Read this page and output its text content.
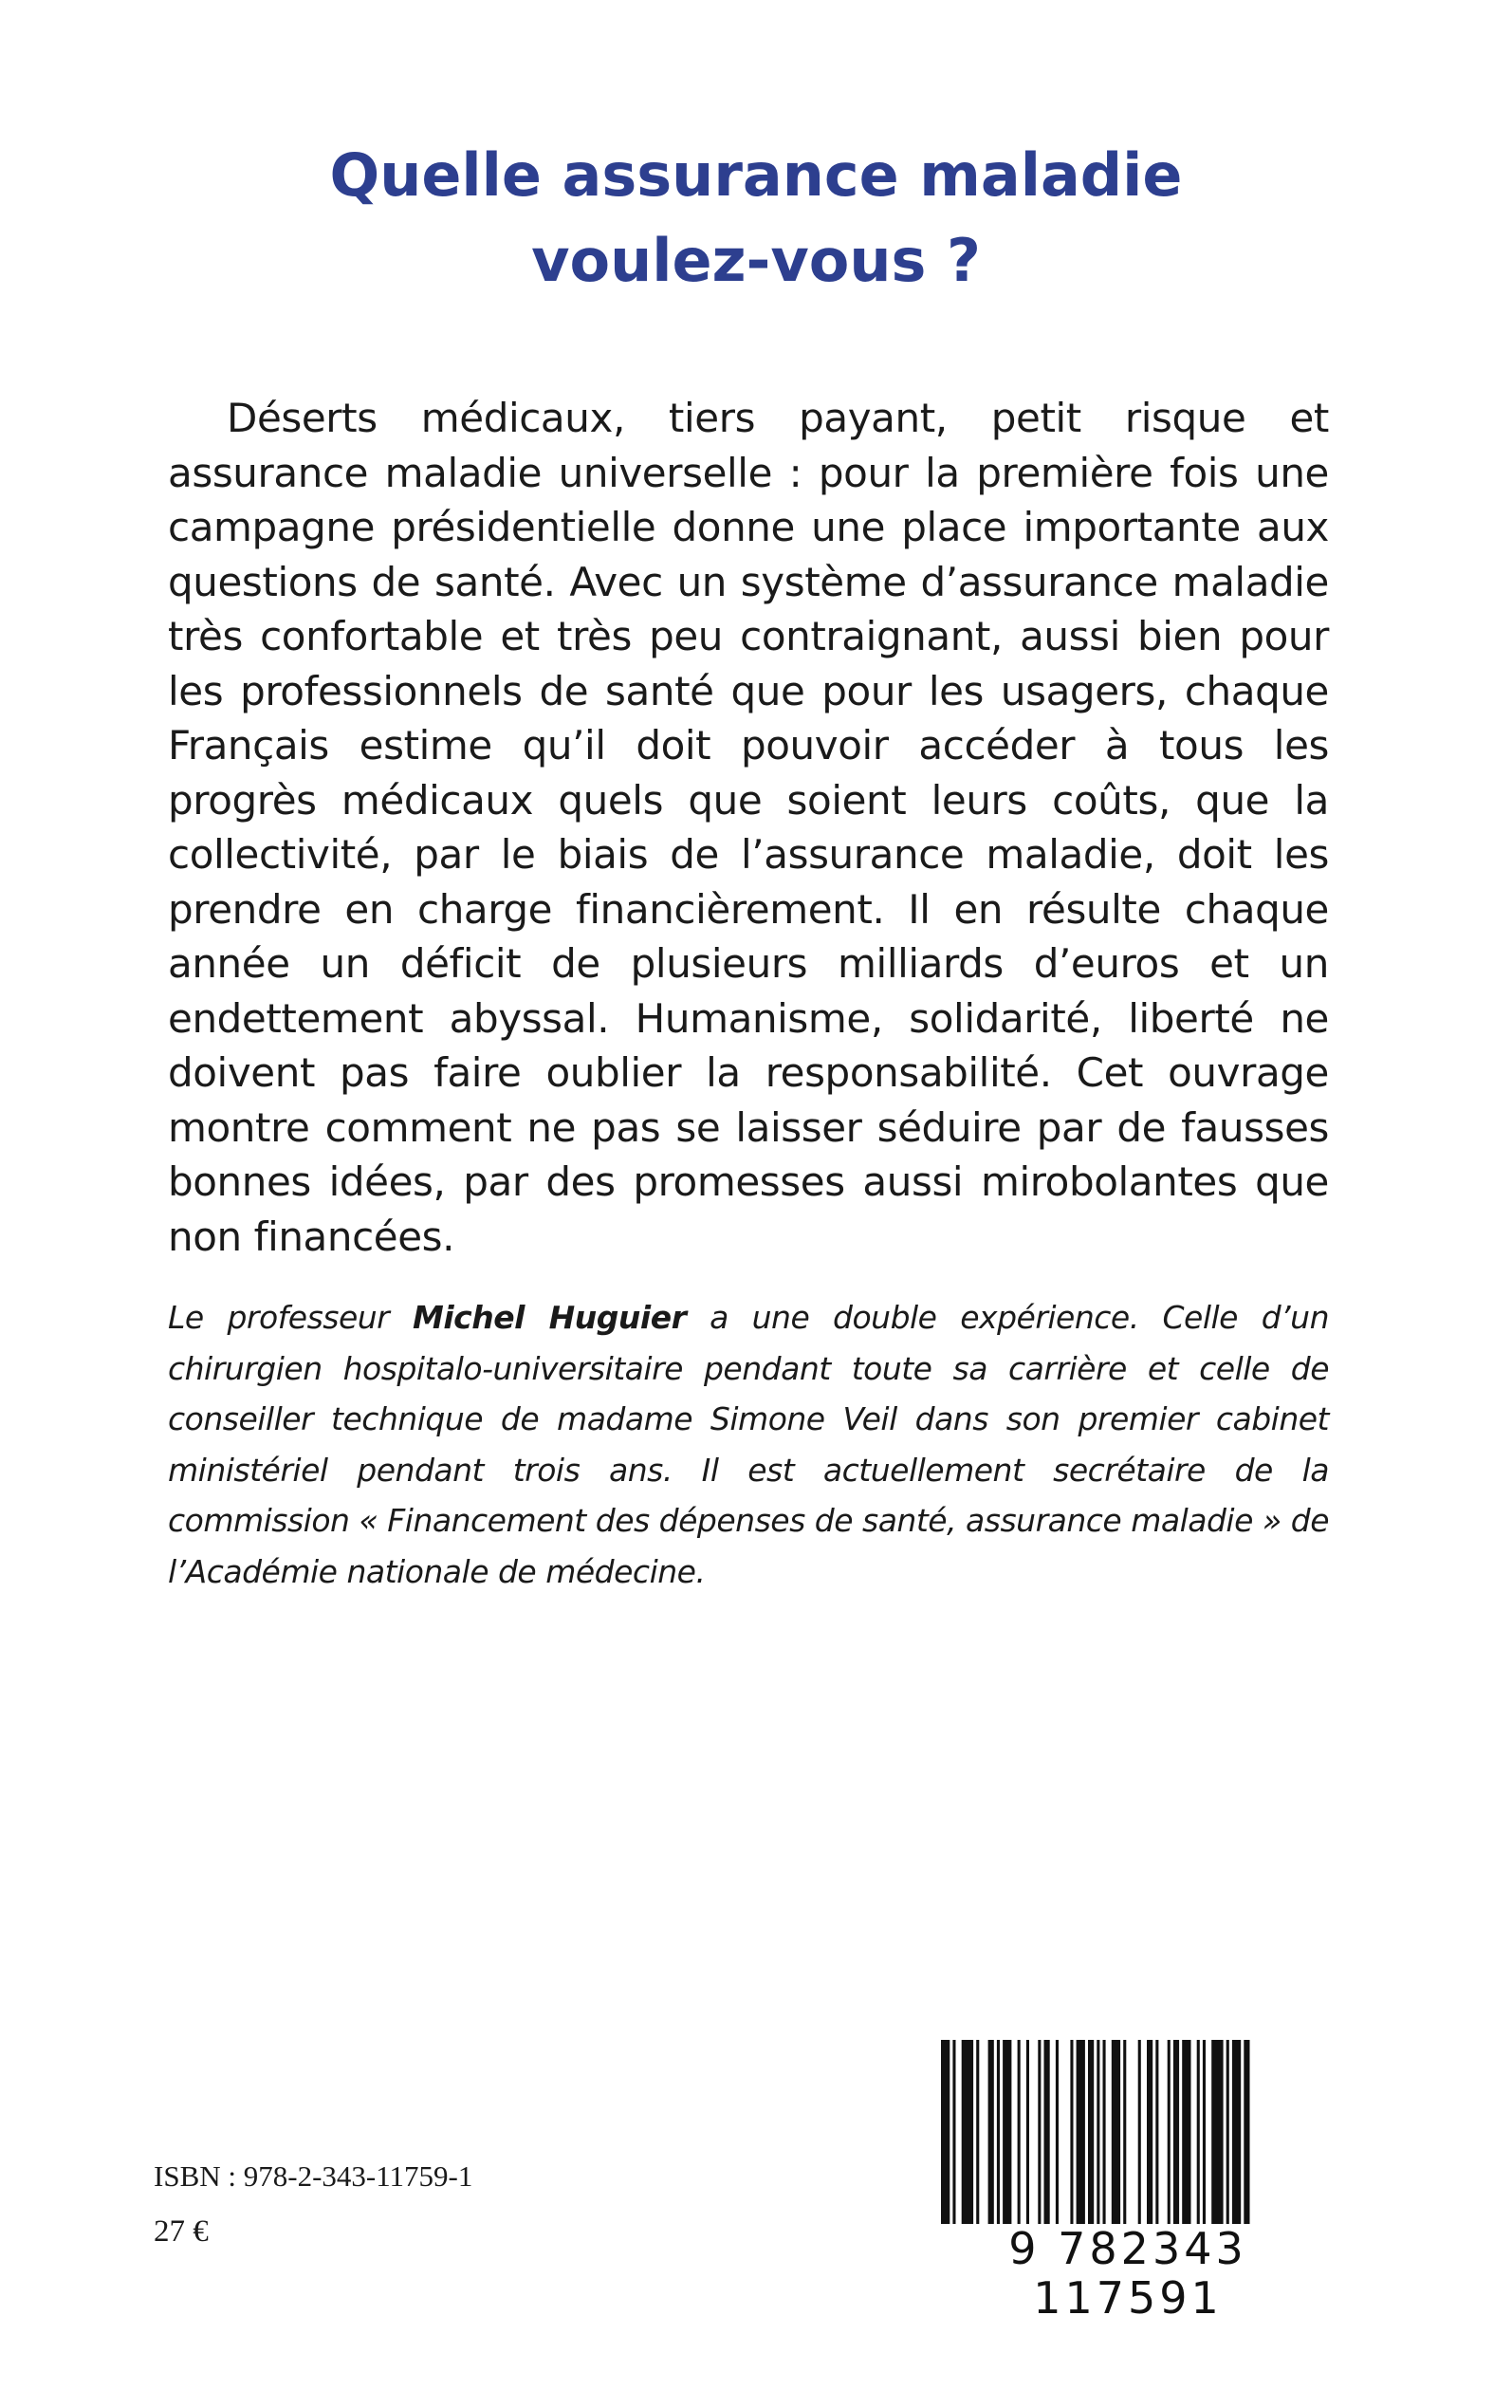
Quelle assurance maladie
voulez-vous ?

Déserts médicaux, tiers payant, petit risque et assurance maladie universelle : pour la première fois une campagne présidentielle donne une place importante aux questions de santé. Avec un système d’assurance maladie très confortable et très peu contraignant, aussi bien pour les professionnels de santé que pour les usagers, chaque Français estime qu’il doit pouvoir accéder à tous les progrès médicaux quels que soient leurs coûts, que la collectivité, par le biais de l’assurance maladie, doit les prendre en charge financièrement. Il en résulte chaque année un déficit de plusieurs milliards d’euros et un endettement abyssal. Humanisme, solidarité, liberté ne doivent pas faire oublier la responsabilité. Cet ouvrage montre comment ne pas se laisser séduire par de fausses bonnes idées, par des promesses aussi mirobolantes que non financées.

Le professeur Michel Huguier a une double expérience. Celle d’un chirurgien hospitalo-universitaire pendant toute sa carrière et celle de conseiller technique de madame Simone Veil dans son premier cabinet ministériel pendant trois ans. Il est actuellement secrétaire de la commission « Financement des dépenses de santé, assurance maladie » de l’Académie nationale de médecine.

ISBN : 978-2-343-11759-1
27 €	9 782343 117591
